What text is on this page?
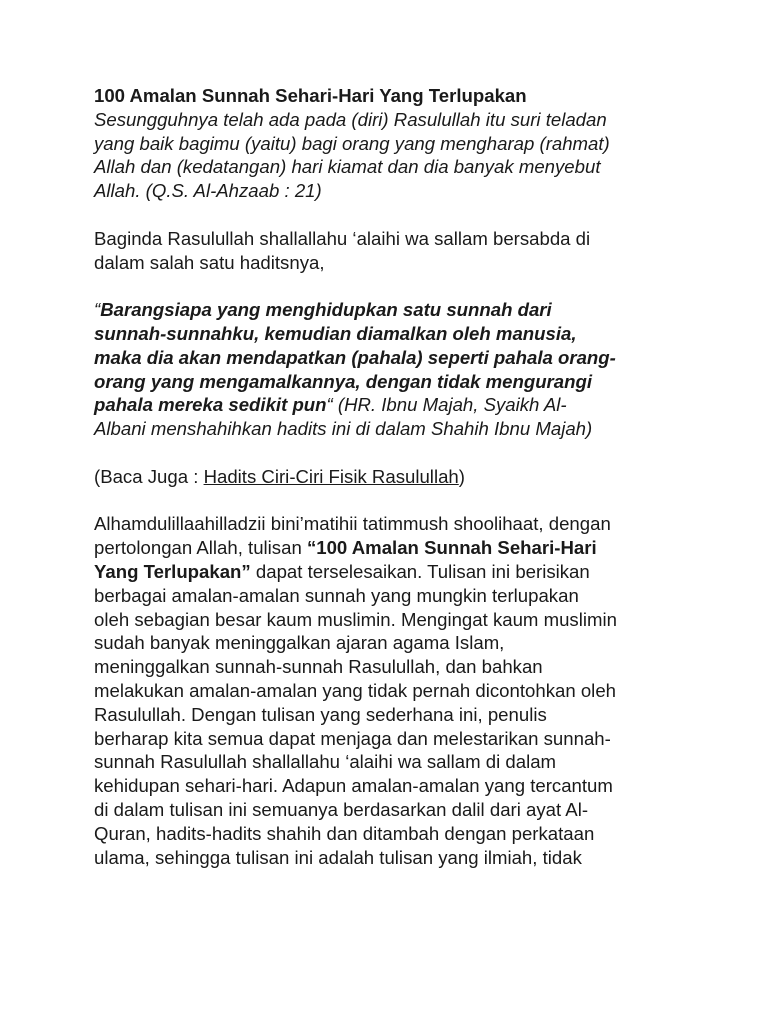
100 Amalan Sunnah Sehari-Hari Yang Terlupakan
Sesungguhnya telah ada pada (diri) Rasulullah itu suri teladan
yang baik bagimu (yaitu) bagi orang yang mengharap (rahmat)
Allah dan (kedatangan) hari kiamat dan dia banyak menyebut
Allah. (Q.S. Al-Ahzaab : 21)

Baginda Rasulullah shallallahu ‘alaihi wa sallam bersabda di
dalam salah satu haditsnya,

“Barangsiapa yang menghidupkan satu sunnah dari
sunnah-sunnahku, kemudian diamalkan oleh manusia,
maka dia akan mendapatkan (pahala) seperti pahala orang-
orang yang mengamalkannya, dengan tidak mengurangi
pahala mereka sedikit pun“ (HR. Ibnu Majah, Syaikh Al-
Albani menshahihkan hadits ini di dalam Shahih Ibnu Majah)

(Baca Juga : Hadits Ciri-Ciri Fisik Rasulullah)

Alhamdulillaahilladzii bini’matihii tatimmush shoolihaat, dengan
pertolongan Allah, tulisan “100 Amalan Sunnah Sehari-Hari
Yang Terlupakan” dapat terselesaikan. Tulisan ini berisikan
berbagai amalan-amalan sunnah yang mungkin terlupakan
oleh sebagian besar kaum muslimin. Mengingat kaum muslimin
sudah banyak meninggalkan ajaran agama Islam,
meninggalkan sunnah-sunnah Rasulullah, dan bahkan
melakukan amalan-amalan yang tidak pernah dicontohkan oleh
Rasulullah. Dengan tulisan yang sederhana ini, penulis
berharap kita semua dapat menjaga dan melestarikan sunnah-
sunnah Rasulullah shallallahu ‘alaihi wa sallam di dalam
kehidupan sehari-hari. Adapun amalan-amalan yang tercantum
di dalam tulisan ini semuanya berdasarkan dalil dari ayat Al-
Quran, hadits-hadits shahih dan ditambah dengan perkataan
ulama, sehingga tulisan ini adalah tulisan yang ilmiah, tidak
